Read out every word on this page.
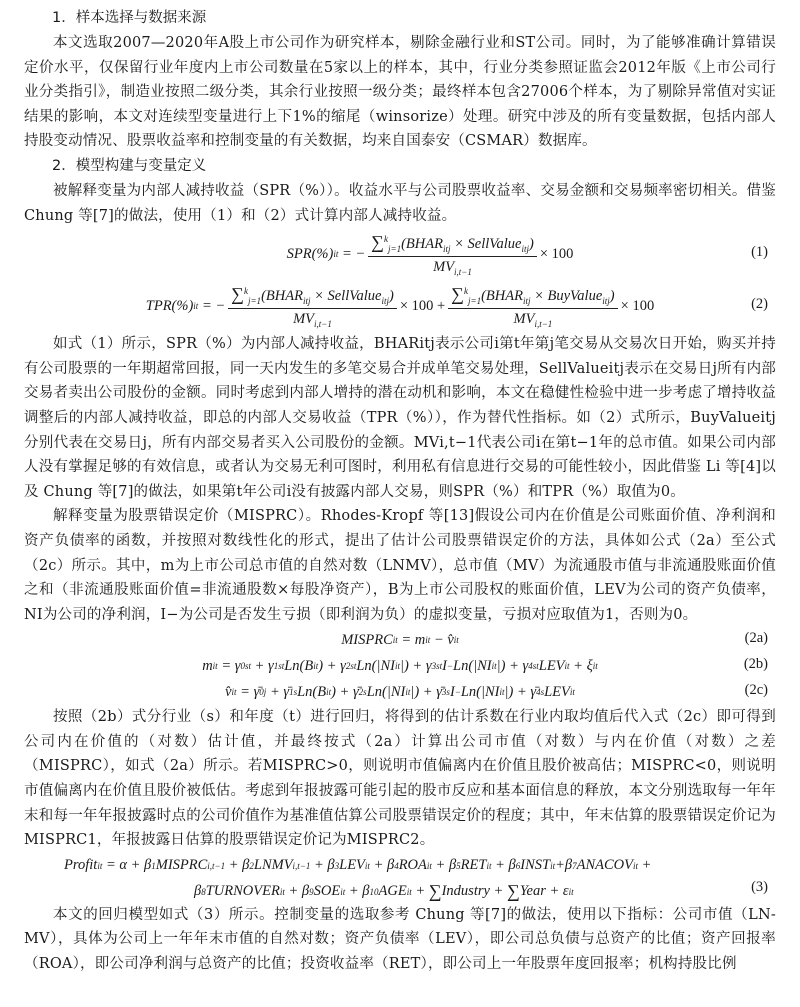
1．样本选择与数据来源

本文选取2007—2020年A股上市公司作为研究样本，剔除金融行业和ST公司。同时，为了能够准确计算错误定价水平，仅保留行业年度内上市公司数量在5家以上的样本，其中，行业分类参照证监会2012年版《上市公司行业分类指引》，制造业按照二级分类，其余行业按照一级分类；最终样本包含27006个样本，为了剔除异常值对实证结果的影响，本文对连续型变量进行上下1%的缩尾（winsorize）处理。研究中涉及的所有变量数据，包括内部人持股变动情况、股票收益率和控制变量的有关数据，均来自国泰安（CSMAR）数据库。

2．模型构建与变量定义

被解释变量为内部人减持收益（SPR（%））。收益水平与公司股票收益率、交易金额和交易频率密切相关。借鉴 Chung 等[7]的做法，使用（1）和（2）式计算内部人减持收益。

SPR(%) it = − $\frac{\sum^k_{j=1}(BHAR_{itj} \times SellValue_{itj})}{MV_{i,t-1}} \times 100$	(1)
TPR(%) it = − $\frac{\sum^k_{j=1}(BHAR_{itj} \times SellValue_{itj})}{MV_{i,t-1}} \times 100 + \frac{\sum^k_{j=1}(BHAR_{itj} \times BuyValue_{itj})}{MV_{i,t-1}} \times 100$	(2)

如式（1）所示，SPR（%）为内部人减持收益，BHARitj表示公司i第t年第j笔交易从交易次日开始，购买并持有公司股票的一年期超常回报，同一天内发生的多笔交易合并成单笔交易处理，SellValueitj表示在交易日j所有内部交易者卖出公司股份的金额。同时考虑到内部人增持的潜在动机和影响，本文在稳健性检验中进一步考虑了增持收益调整后的内部人减持收益，即总的内部人交易收益（TPR（%）），作为替代性指标。如（2）式所示，BuyValueitj分别代表在交易日j，所有内部交易者买入公司股份的金额。MVi,t−1代表公司i在第t−1年的总市值。如果公司内部人没有掌握足够的有效信息，或者认为交易无利可图时，利用私有信息进行交易的可能性较小，因此借鉴 Li 等[4]以及 Chung 等[7]的做法，如果第t年公司i没有披露内部人交易，则SPR（%）和TPR（%）取值为0。

解释变量为股票错误定价（MISPRC）。Rhodes-Kropf 等[13]假设公司内在价值是公司账面价值、净利润和资产负债率的函数，并按照对数线性化的形式，提出了估计公司股票错误定价的方法，具体如公式（2a）至公式（2c）所示。其中，m为上市公司总市值的自然对数（LNMV），总市值（MV）为流通股市值与非流通股账面价值之和（非流通股账面价值=非流通股数×每股净资产），B为上市公司股权的账面价值，LEV为公司的资产负债率，NI为公司的净利润，I−为公司是否发生亏损（即利润为负）的虚拟变量，亏损对应取值为1，否则为0。

MISPRC it = m it − v̂ it	(2a)
m it = γ 0st + γ 1st Ln(B it ) + γ 2st Ln(|NI it |) + γ 3st I − Ln(|NI it |) + γ 4st LEV it + ξ it	(2b)
v̂ it = γ̄ 0j + γ̄ 1s Ln(B it ) + γ̄ 2s Ln(|NI it |) + γ̄ 3s I − Ln(|NI it |) + γ̄ 4s LEV it	(2c)

按照（2b）式分行业（s）和年度（t）进行回归，将得到的估计系数在行业内取均值后代入式（2c）即可得到公司内在价值的（对数）估计值，并最终按式（2a）计算出公司市值（对数）与内在价值（对数）之差（MISPRC），如式（2a）所示。若MISPRC>0，则说明市值偏离内在价值且股价被高估；MISPRC<0，则说明市值偏离内在价值且股价被低估。考虑到年报披露可能引起的股市反应和基本面信息的释放，本文分别选取每一年年末和每一年年报披露时点的公司价值作为基准值估算公司股票错误定价的程度；其中，年末估算的股票错误定价记为MISPRC1，年报披露日估算的股票错误定价记为MISPRC2。

Profit it = α + β 1 MISPRC i,t−1 + β 2 LNMV i,t−1 + β 3 LEV it + β 4 ROA it + β 5 RET it + β 6 INST it +β 7 ANACOV it +
β 8 TURNOVER it + β 9 SOE it + β 10 AGE it + ∑ Industry + ∑ Year + ε it	(3)

本文的回归模型如式（3）所示。控制变量的选取参考 Chung 等[7]的做法，使用以下指标：公司市值（LN-MV），具体为公司上一年年末市值的自然对数；资产负债率（LEV），即公司总负债与总资产的比值；资产回报率（ROA），即公司净利润与总资产的比值；投资收益率（RET），即公司上一年股票年度回报率；机构持股比例
